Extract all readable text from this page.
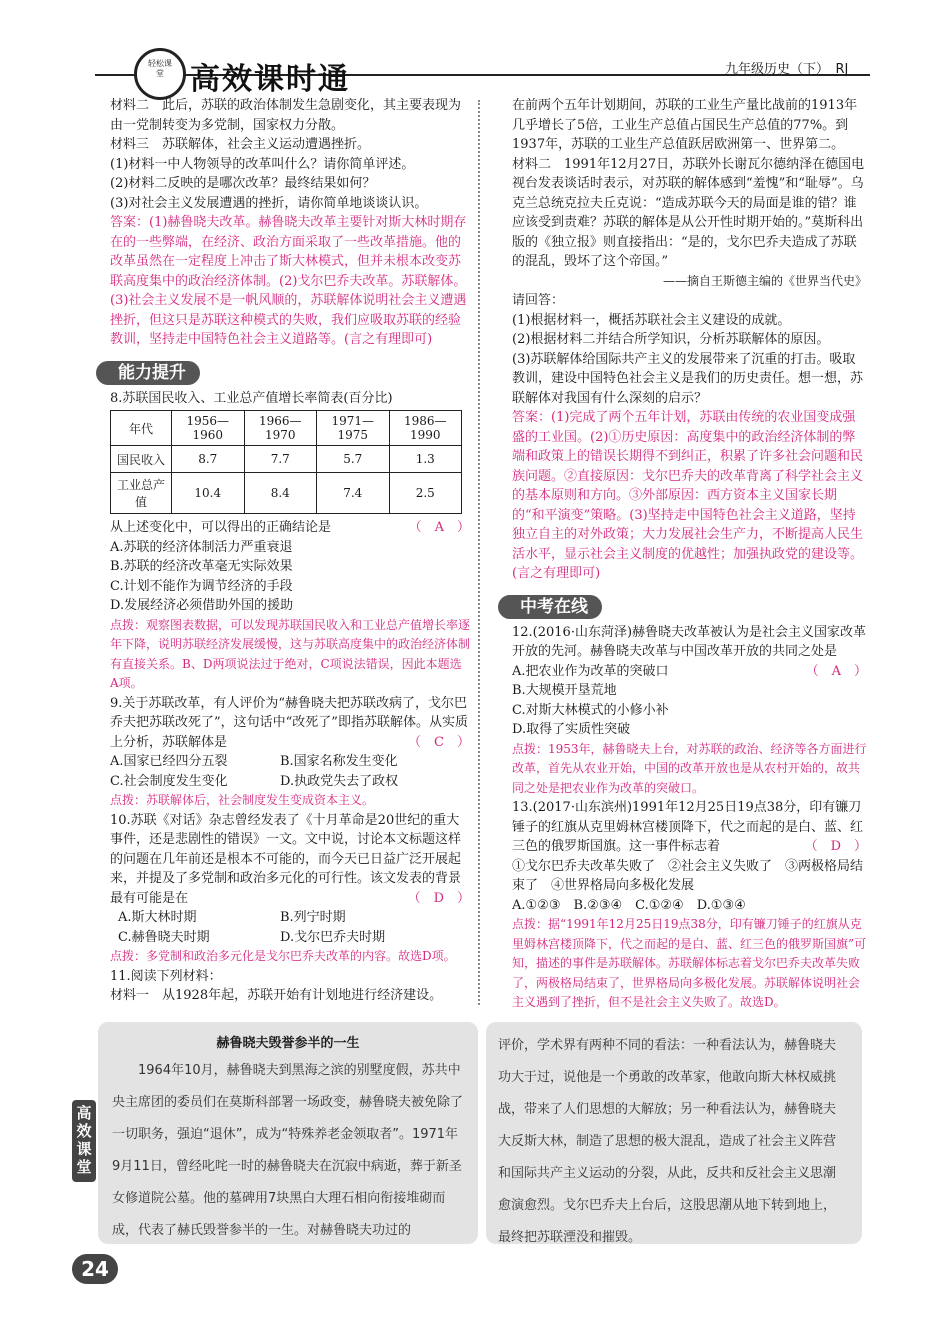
轻松课堂 高效课时通	九年级历史（下）　RJ

材料二　此后，苏联的政治体制发生急剧变化，其主要表现为由一党制转变为多党制，国家权力分散。

材料三　苏联解体，社会主义运动遭遇挫折。

(1)材料一中人物领导的改革叫什么？请你简单评述。

(2)材料二反映的是哪次改革？最终结果如何？

(3)对社会主义发展遭遇的挫折，请你简单地谈谈认识。

答案：(1)赫鲁晓夫改革。赫鲁晓夫改革主要针对斯大林时期存在的一些弊端，在经济、政治方面采取了一些改革措施。他的改革虽然在一定程度上冲击了斯大林模式，但并未根本改变苏联高度集中的政治经济体制。(2)戈尔巴乔夫改革。苏联解体。(3)社会主义发展不是一帆风顺的，苏联解体说明社会主义遭遇挫折，但这只是苏联这种模式的失败，我们应吸取苏联的经验教训，坚持走中国特色社会主义道路等。(言之有理即可)

能力提升

8.苏联国民收入、工业总产值增长率简表(百分比)

年代	1956—1960	1966—1970	1971—1975	1986—1990
国民收入	8.7	7.7	5.7	1.3
工业总产值	10.4	8.4	7.4	2.5

从上述变化中，可以得出的正确结论是	（　A　）

A.苏联的经济体制活力严重衰退

B.苏联的经济改革毫无实际效果

C.计划不能作为调节经济的手段

D.发展经济必须借助外国的援助

点拨：观察图表数据，可以发现苏联国民收入和工业总产值增长率逐年下降，说明苏联经济发展缓慢，这与苏联高度集中的政治经济体制有直接关系。B、D两项说法过于绝对，C项说法错误，因此本题选A项。

9.关于苏联改革，有人评价为“赫鲁晓夫把苏联改病了，戈尔巴乔夫把苏联改死了”，这句话中“改死了”即指苏联解体。从实质上分析，苏联解体是	（　C　）

A.国家已经四分五裂	B.国家名称发生变化

C.社会制度发生变化	D.执政党失去了政权

点拨：苏联解体后，社会制度发生变成资本主义。

10.苏联《对话》杂志曾经发表了《十月革命是20世纪的重大事件，还是悲剧性的错误》一文。文中说，讨论本文标题这样的问题在几年前还是根本不可能的，而今天已日益广泛开展起来，并提及了多党制和政治多元化的可行性。该文发表的背景最有可能是在	（　D　）

A.斯大林时期	B.列宁时期

C.赫鲁晓夫时期	D.戈尔巴乔夫时期

点拨：多党制和政治多元化是戈尔巴乔夫改革的内容。故选D项。

11.阅读下列材料：

材料一　从1928年起，苏联开始有计划地进行经济建设。

在前两个五年计划期间，苏联的工业生产量比战前的1913年几乎增长了5倍，工业生产总值占国民生产总值的77%。到1937年，苏联的工业生产总值跃居欧洲第一、世界第二。

材料二　1991年12月27日，苏联外长谢瓦尔德纳泽在德国电视台发表谈话时表示，对苏联的解体感到“羞愧”和“耻辱”。乌克兰总统克拉夫丘克说：“造成苏联今天的局面是谁的错？谁应该受到责难？苏联的解体是从公开性时期开始的。”莫斯科出版的《独立报》则直接指出：“是的，戈尔巴乔夫造成了苏联的混乱，毁坏了这个帝国。”

——摘自王斯德主编的《世界当代史》

请回答：

(1)根据材料一，概括苏联社会主义建设的成就。

(2)根据材料二并结合所学知识，分析苏联解体的原因。

(3)苏联解体给国际共产主义的发展带来了沉重的打击。吸取教训，建设中国特色社会主义是我们的历史责任。想一想，苏联解体对我国有什么深刻的启示？

答案：(1)完成了两个五年计划，苏联由传统的农业国变成强盛的工业国。(2)①历史原因：高度集中的政治经济体制的弊端和政策上的错误长期得不到纠正，积累了许多社会问题和民族问题。②直接原因：戈尔巴乔夫的改革背离了科学社会主义的基本原则和方向。③外部原因：西方资本主义国家长期的“和平演变”策略。(3)坚持走中国特色社会主义道路，坚持独立自主的对外政策；大力发展社会生产力，不断提高人民生活水平，显示社会主义制度的优越性；加强执政党的建设等。(言之有理即可)

中考在线

12.(2016·山东菏泽)赫鲁晓夫改革被认为是社会主义国家改革开放的先河。赫鲁晓夫改革与中国改革开放的共同之处是
（　A　）

A.把农业作为改革的突破口

B.大规模开垦荒地

C.对斯大林模式的小修小补

D.取得了实质性突破

点拨：1953年，赫鲁晓夫上台，对苏联的政治、经济等各方面进行改革，首先从农业开始，中国的改革开放也是从农村开始的，故共同之处是把农业作为改革的突破口。

13.(2017·山东滨州)1991年12月25日19点38分，印有镰刀锤子的红旗从克里姆林宫楼顶降下，代之而起的是白、蓝、红三色的俄罗斯国旗。这一事件标志着	（　D　）

①戈尔巴乔夫改革失败了　②社会主义失败了　③两极格局结束了　④世界格局向多极化发展

A.①②③　B.②③④　C.①②④　D.①③④

点拨：据“1991年12月25日19点38分，印有镰刀锤子的红旗从克里姆林宫楼顶降下，代之而起的是白、蓝、红三色的俄罗斯国旗”可知，描述的事件是苏联解体。苏联解体标志着戈尔巴乔夫改革失败了，两极格局结束了，世界格局向多极化发展。苏联解体说明社会主义遇到了挫折，但不是社会主义失败了。故选D。

赫鲁晓夫毁誉参半的一生
1964年10月，赫鲁晓夫到黑海之滨的别墅度假，苏共中央主席团的委员们在莫斯科部署一场政变，赫鲁晓夫被免除了一切职务，强迫“退休”，成为“特殊养老金领取者”。1971年9月11日，曾经叱咤一时的赫鲁晓夫在沉寂中病逝，葬于新圣女修道院公墓。他的墓碑用7块黑白大理石相向衔接堆砌而成，代表了赫氏毁誉参半的一生。对赫鲁晓夫功过的
评价，学术界有两种不同的看法：一种看法认为，赫鲁晓夫功大于过，说他是一个勇敢的改革家，他敢向斯大林权威挑战，带来了人们思想的大解放；另一种看法认为，赫鲁晓夫大反斯大林，制造了思想的极大混乱，造成了社会主义阵营和国际共产主义运动的分裂，从此，反共和反社会主义思潮愈演愈烈。戈尔巴乔夫上台后，这股思潮从地下转到地上，最终把苏联湮没和摧毁。
高效课堂
24
